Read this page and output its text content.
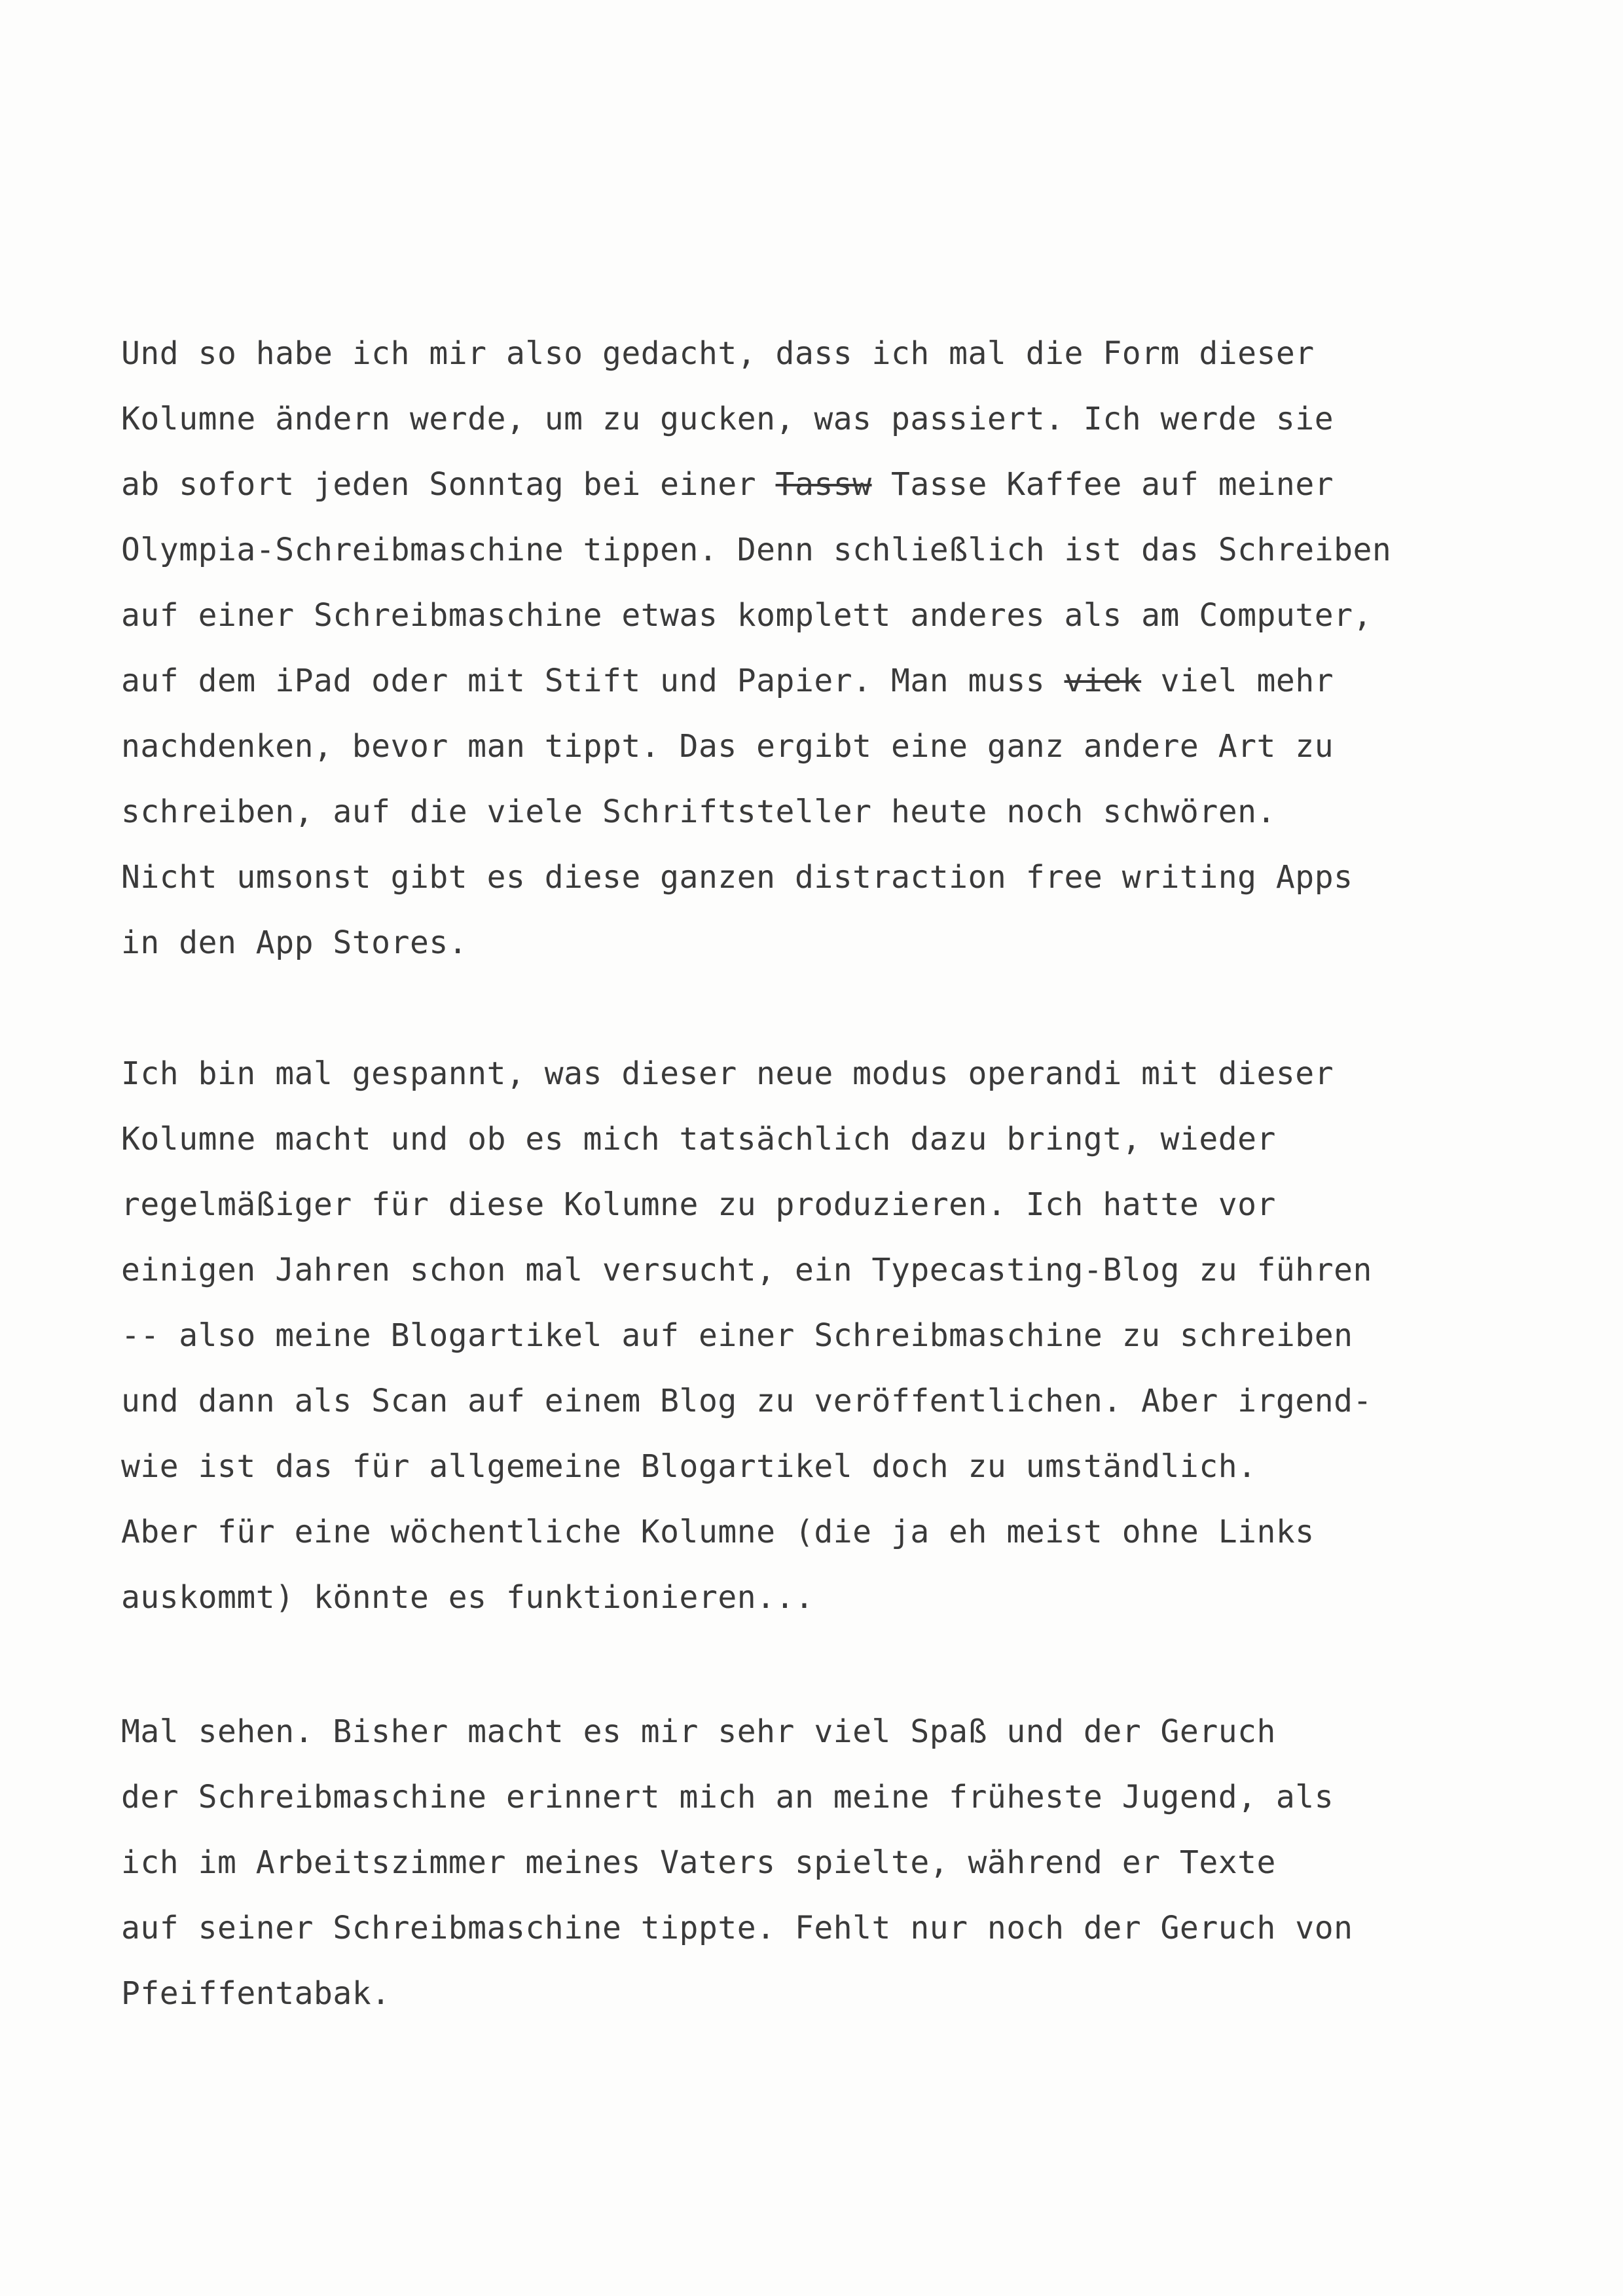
Und so habe ich mir also gedacht, dass ich mal die Form dieser
Kolumne ändern werde, um zu gucken, was passiert. Ich werde sie
ab sofort jeden Sonntag bei einer Tassw Tasse Kaffee auf meiner
Olympia-Schreibmaschine tippen. Denn schließlich ist das Schreiben
auf einer Schreibmaschine etwas komplett anderes als am Computer,
auf dem iPad oder mit Stift und Papier. Man muss viek viel mehr
nachdenken, bevor man tippt. Das ergibt eine ganz andere Art zu
schreiben, auf die viele Schriftsteller heute noch schwören.
Nicht umsonst gibt es diese ganzen distraction free writing Apps
in den App Stores.
Ich bin mal gespannt, was dieser neue modus operandi mit dieser
Kolumne macht und ob es mich tatsächlich dazu bringt, wieder
regelmäßiger für diese Kolumne zu produzieren. Ich hatte vor
einigen Jahren schon mal versucht, ein Typecasting-Blog zu führen
-- also meine Blogartikel auf einer Schreibmaschine zu schreiben
und dann als Scan auf einem Blog zu veröffentlichen. Aber irgend-
wie ist das für allgemeine Blogartikel doch zu umständlich.
Aber für eine wöchentliche Kolumne (die ja eh meist ohne Links
auskommt) könnte es funktionieren...
Mal sehen. Bisher macht es mir sehr viel Spaß und der Geruch
der Schreibmaschine erinnert mich an meine früheste Jugend, als
ich im Arbeitszimmer meines Vaters spielte, während er Texte
auf seiner Schreibmaschine tippte. Fehlt nur noch der Geruch von
Pfeiffentabak.
